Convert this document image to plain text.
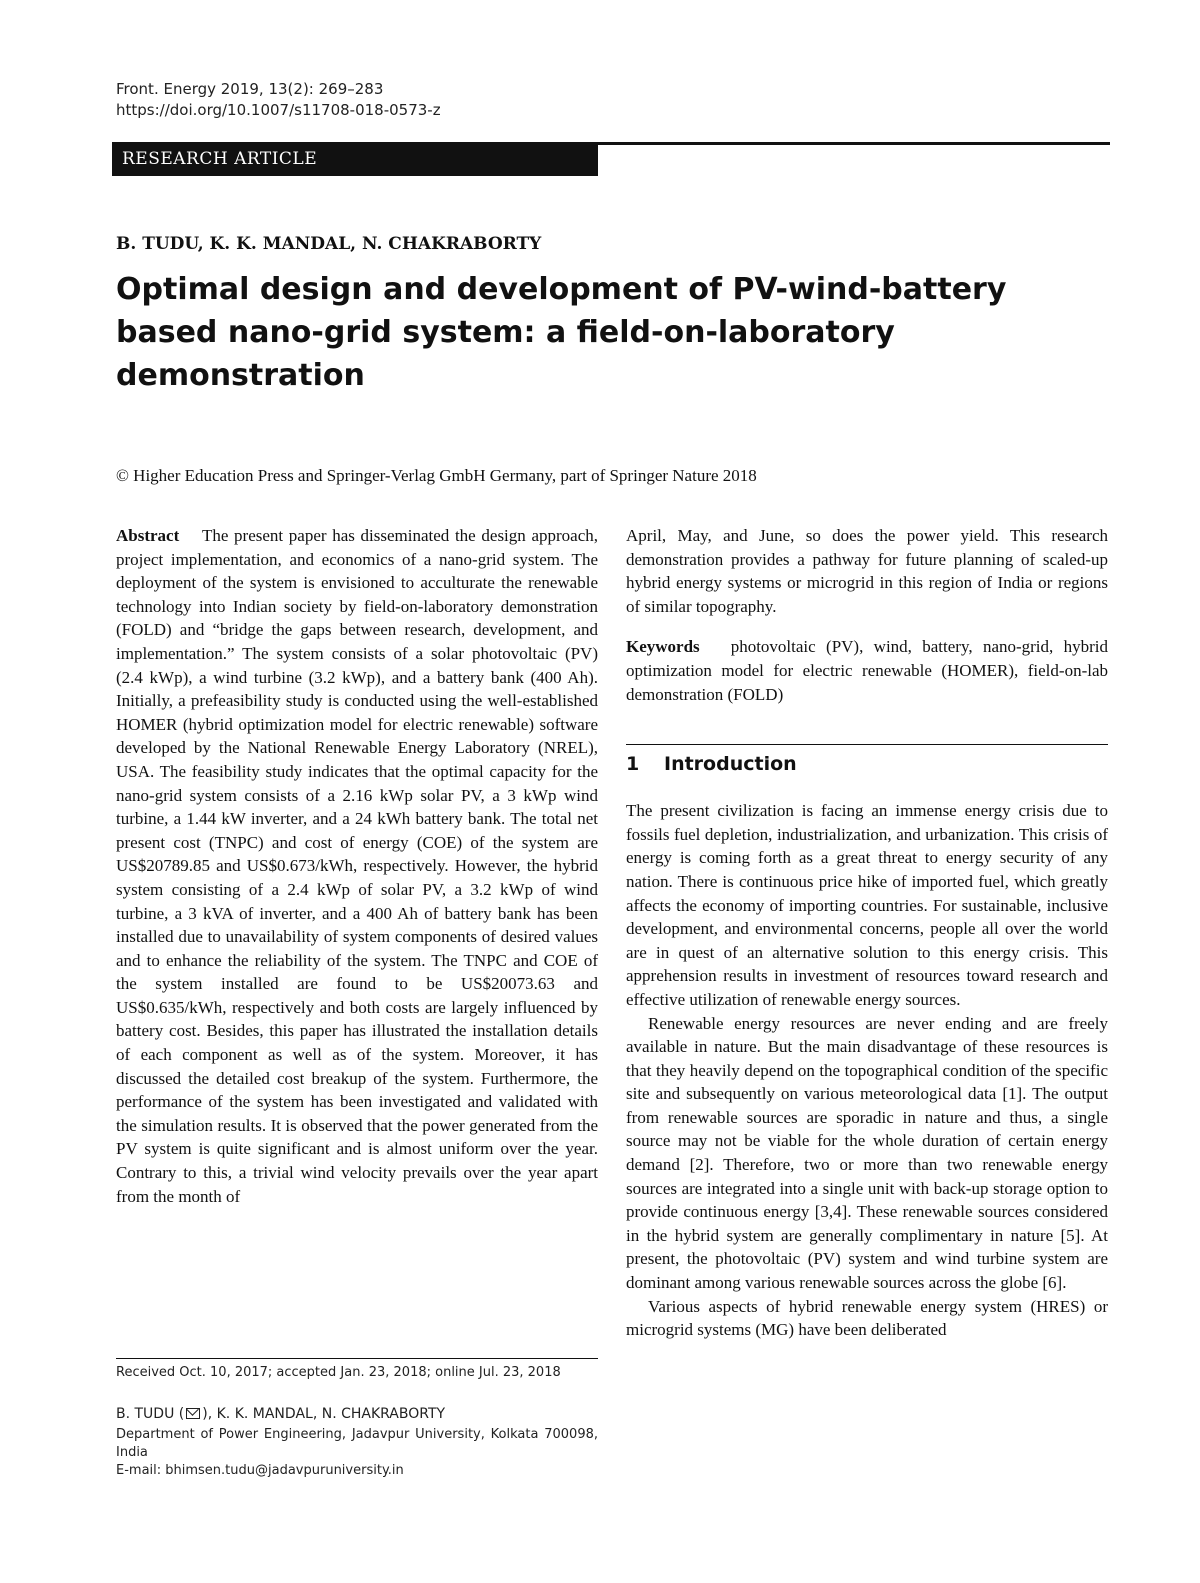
Front. Energy 2019, 13(2): 269–283
https://doi.org/10.1007/s11708-018-0573-z
RESEARCH ARTICLE
B. TUDU, K. K. MANDAL, N. CHAKRABORTY
Optimal design and development of PV-wind-battery based nano-grid system: a field-on-laboratory demonstration
© Higher Education Press and Springer-Verlag GmbH Germany, part of Springer Nature 2018

Abstract The present paper has disseminated the design approach, project implementation, and economics of a nano-grid system. The deployment of the system is envisioned to acculturate the renewable technology into Indian society by field-on-laboratory demonstration (FOLD) and “bridge the gaps between research, development, and implementation.” The system consists of a solar photovoltaic (PV) (2.4 kWp), a wind turbine (3.2 kWp), and a battery bank (400 Ah). Initially, a prefeasibility study is conducted using the well-established HOMER (hybrid optimization model for electric renewable) software developed by the National Renewable Energy Laboratory (NREL), USA. The feasibility study indicates that the optimal capacity for the nano-grid system consists of a 2.16 kWp solar PV, a 3 kWp wind turbine, a 1.44 kW inverter, and a 24 kWh battery bank. The total net present cost (TNPC) and cost of energy (COE) of the system are US$20789.85 and US$0.673/kWh, respectively. However, the hybrid system consisting of a 2.4 kWp of solar PV, a 3.2 kWp of wind turbine, a 3 kVA of inverter, and a 400 Ah of battery bank has been installed due to unavailability of system components of desired values and to enhance the reliability of the system. The TNPC and COE of the system installed are found to be US$20073.63 and US$0.635/kWh, respectively and both costs are largely influenced by battery cost. Besides, this paper has illustrated the installation details of each component as well as of the system. Moreover, it has discussed the detailed cost breakup of the system. Furthermore, the performance of the system has been investigated and validated with the simulation results. It is observed that the power generated from the PV system is quite significant and is almost uniform over the year. Contrary to this, a trivial wind velocity prevails over the year apart from the month of

April, May, and June, so does the power yield. This research demonstration provides a pathway for future planning of scaled-up hybrid energy systems or microgrid in this region of India or regions of similar topography.

Keywords photovoltaic (PV), wind, battery, nano-grid, hybrid optimization model for electric renewable (HOMER), field-on-lab demonstration (FOLD)

1 Introduction

The present civilization is facing an immense energy crisis due to fossils fuel depletion, industrialization, and urbanization. This crisis of energy is coming forth as a great threat to energy security of any nation. There is continuous price hike of imported fuel, which greatly affects the economy of importing countries. For sustainable, inclusive development, and environmental concerns, people all over the world are in quest of an alternative solution to this energy crisis. This apprehension results in investment of resources toward research and effective utilization of renewable energy sources.

Renewable energy resources are never ending and are freely available in nature. But the main disadvantage of these resources is that they heavily depend on the topographical condition of the specific site and subsequently on various meteorological data [1]. The output from renewable sources are sporadic in nature and thus, a single source may not be viable for the whole duration of certain energy demand [2]. Therefore, two or more than two renewable energy sources are integrated into a single unit with back-up storage option to provide continuous energy [3,4]. These renewable sources considered in the hybrid system are generally complimentary in nature [5]. At present, the photovoltaic (PV) system and wind turbine system are dominant among various renewable sources across the globe [6].

Various aspects of hybrid renewable energy system (HRES) or microgrid systems (MG) have been deliberated

Received Oct. 10, 2017; accepted Jan. 23, 2018; online Jul. 23, 2018
B. TUDU ( ), K. K. MANDAL, N. CHAKRABORTY
Department of Power Engineering, Jadavpur University, Kolkata 700098, India
E-mail: bhimsen.tudu@jadavpuruniversity.in
